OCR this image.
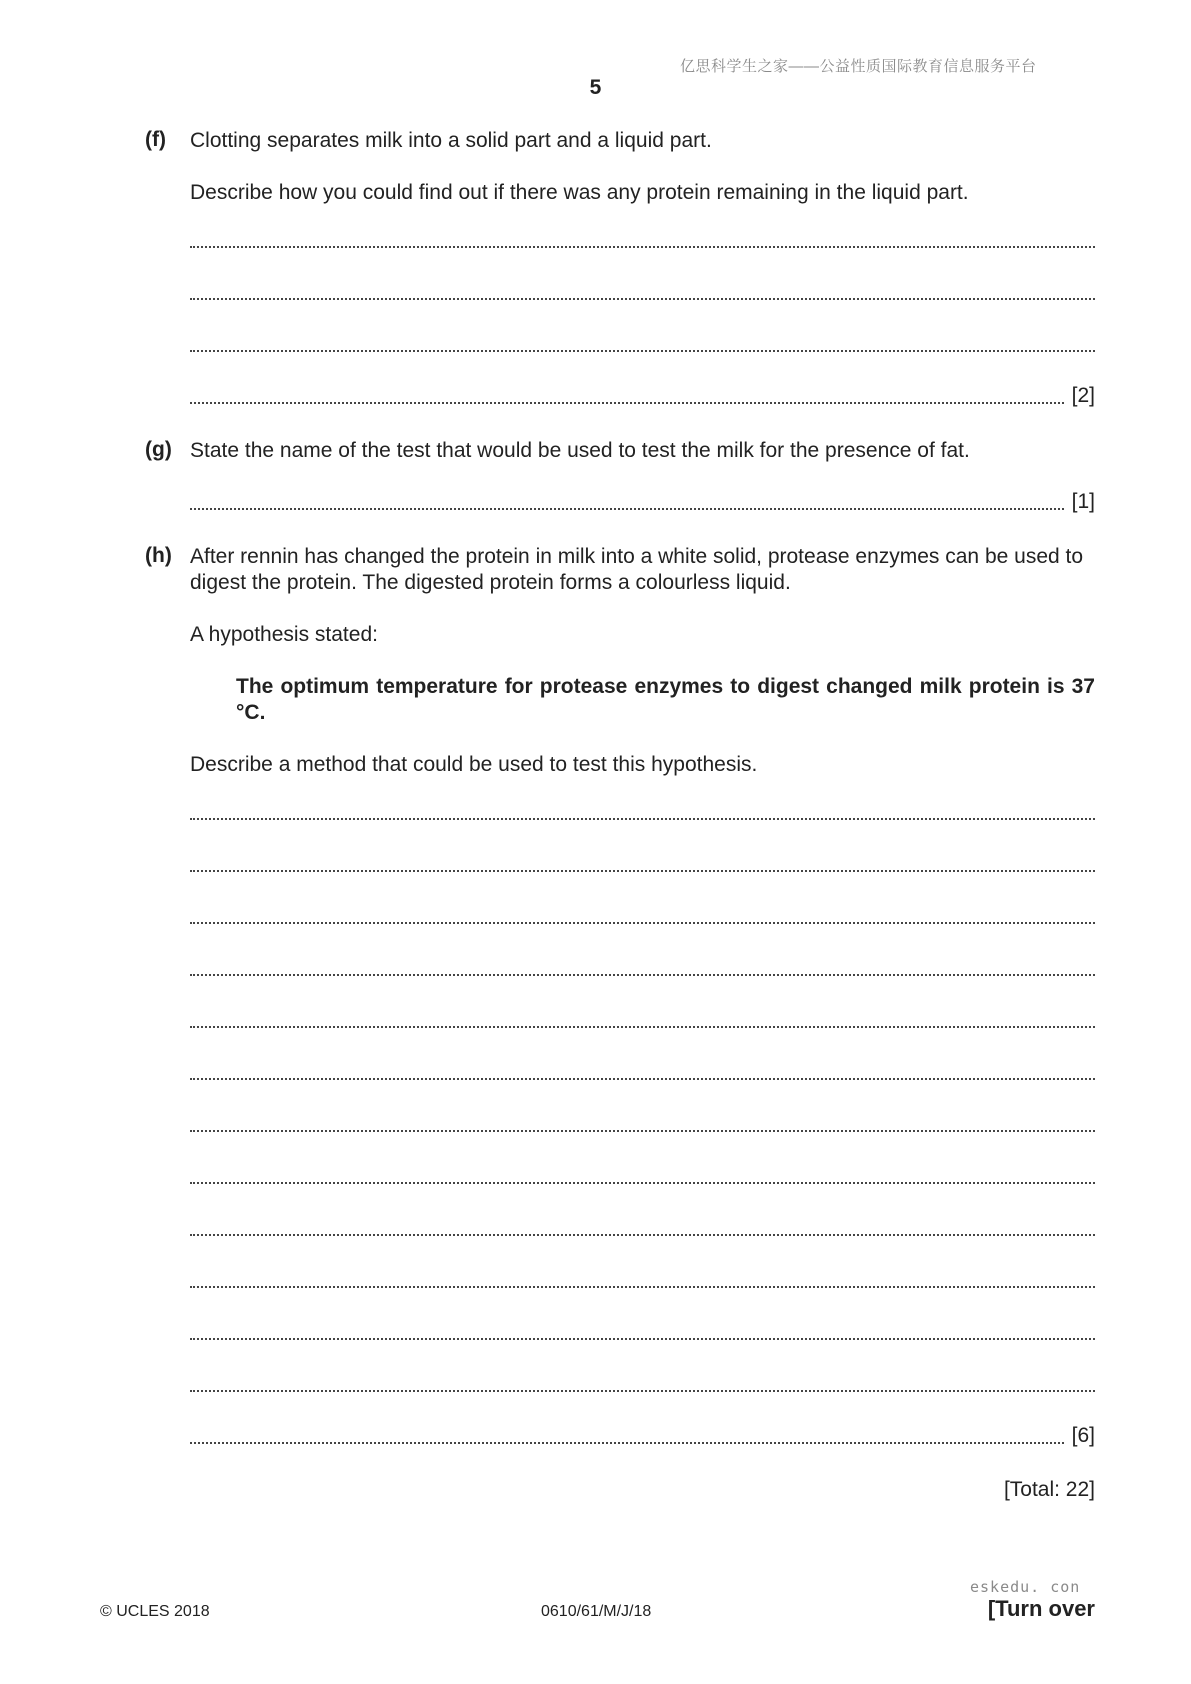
亿思科学生之家——公益性质国际教育信息服务平台
5
(f) Clotting separates milk into a solid part and a liquid part.
Describe how you could find out if there was any protein remaining in the liquid part.
[2]
(g) State the name of the test that would be used to test the milk for the presence of fat.
[1]
(h) After rennin has changed the protein in milk into a white solid, protease enzymes can be used to digest the protein. The digested protein forms a colourless liquid.
A hypothesis stated:
The optimum temperature for protease enzymes to digest changed milk protein is 37 °C.
Describe a method that could be used to test this hypothesis.
[6]
[Total: 22]
© UCLES 2018	0610/61/M/J/18
eskedu. con
[Turn over
